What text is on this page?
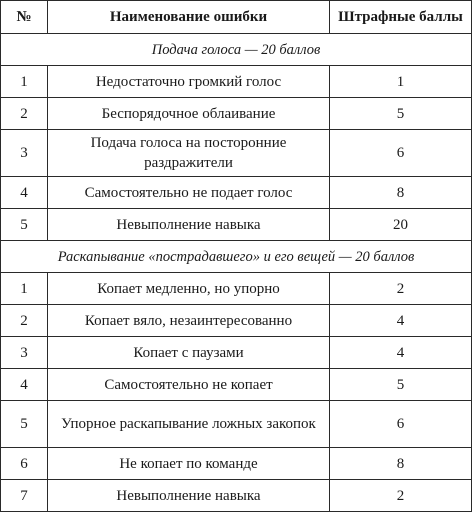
№	Наименование ошибки	Штрафные баллы
Подача голоса — 20 баллов		
1	Недостаточно громкий голос	1
2	Беспорядочное облаивание	5
3	Подача голоса на посторонние раздражители	6
4	Самостоятельно не подает голос	8
5	Невыполнение навыка	20
Раскапывание «пострадавшего» и его вещей — 20 баллов		
1	Копает медленно, но упорно	2
2	Копает вяло, незаинтересованно	4
3	Копает с паузами	4
4	Самостоятельно не копает	5
5	Упорное раскапывание ложных закопок	6
6	Не копает по команде	8
7	Невыполнение навыка	2
